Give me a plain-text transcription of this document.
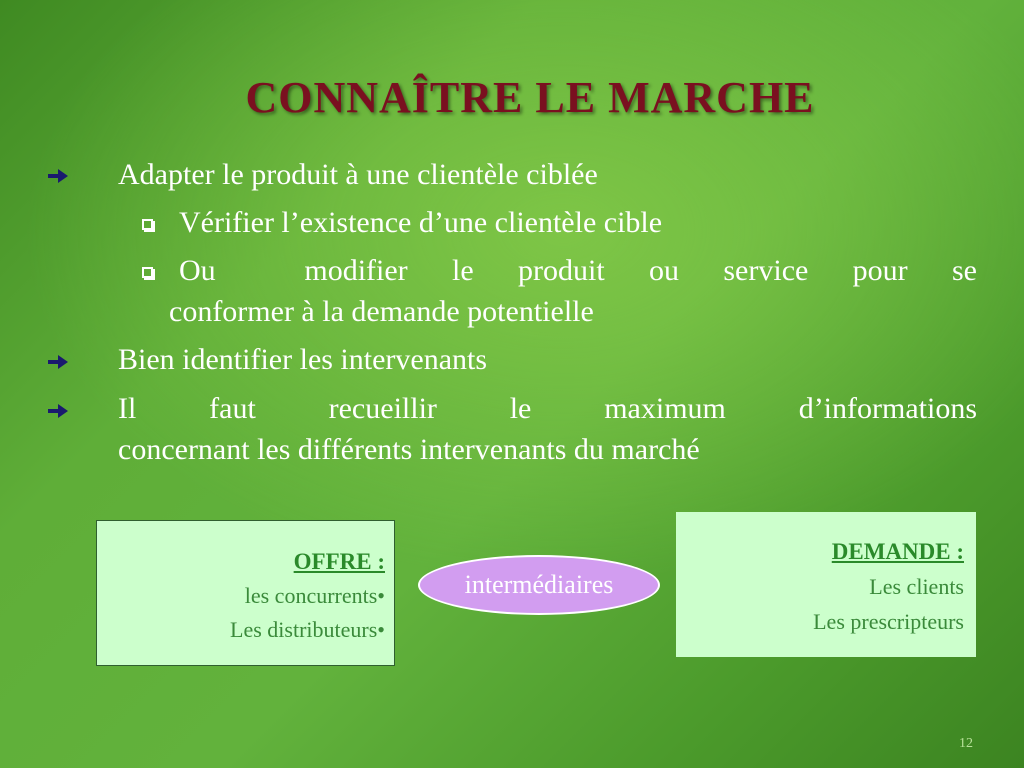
CONNAÎTRE LE MARCHE
Adapter le produit à une clientèle ciblée
Vérifier l’existence d’une clientèle cible
Ou  modifier le produit ou service pour se
conformer à la demande potentielle
Bien identifier les intervenants
Il faut recueillir le maximum d’informations
concernant les différents intervenants du marché
OFFRE :
les concurrents•
Les distributeurs•
intermédiaires
DEMANDE :
Les clients
Les prescripteurs
12
